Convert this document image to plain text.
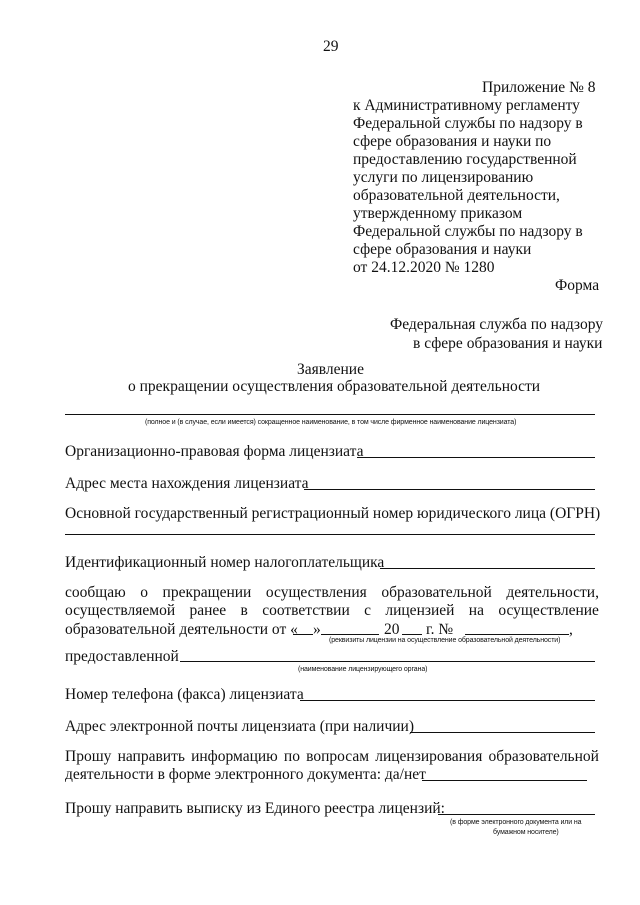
29
Приложение № 8
к Административному регламенту
Федеральной службы по надзору в
сфере образования и науки по
предоставлению государственной
услуги по лицензированию
образовательной деятельности,
утвержденному приказом
Федеральной службы по надзору в
сфере образования и науки
от 24.12.2020 № 1280
Форма
Федеральная служба по надзору
в сфере образования и науки
Заявление
о прекращении осуществления образовательной деятельности
(полное и (в случае, если имеется) сокращенное наименование, в том числе фирменное наименование лицензиата)
Организационно-правовая форма лицензиата
Адрес места нахождения лицензиата
Основной государственный регистрационный номер юридического лица (ОГРН)
Идентификационный номер налогоплательщика
сообщаю о прекращении осуществления образовательной деятельности,
осуществляемой ранее в соответствии с лицензией на осуществление
образовательной деятельности от « »	20 г. №	,
(реквизиты лицензии на осуществление образовательной деятельности)
предоставленной
(наименование лицензирующего органа)
Номер телефона (факса) лицензиата
Адрес электронной почты лицензиата (при наличии)
Прошу направить информацию по вопросам лицензирования образовательной
деятельности в форме электронного документа: да/нет
Прошу направить выписку из Единого реестра лицензий:
(в форме электронного документа или на
бумажном носителе)
